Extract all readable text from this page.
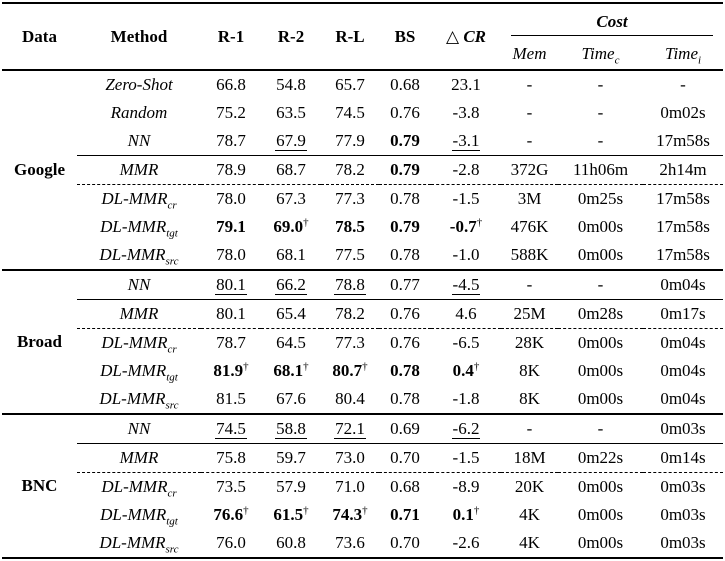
Data	Method	R-1	R-2	R-L	BS	△ CR	Cost		

							Mem	Time$_c$	Time$_i$
Google	Zero-Shot	66.8	54.8	65.7	0.68	23.1	-	-	-
	Random	75.2	63.5	74.5	0.76	-3.8	-	-	0m02s
	NN	78.7	67.9	77.9	0.79	-3.1	-	-	17m58s
	MMR	78.9	68.7	78.2	0.79	-2.8	372G	11h06m	2h14m
	$DL-MMR_{cr}$	78.0	67.3	77.3	0.78	-1.5	3M	0m25s	17m58s
	$DL-MMR_{tgt}$	79.1	69.0†	78.5	0.79	-0.7†	476K	0m00s	17m58s
	$DL-MMR_{src}$	78.0	68.1	77.5	0.78	-1.0	588K	0m00s	17m58s
Broad	NN	80.1	66.2	78.8	0.77	-4.5	-	-	0m04s
	MMR	80.1	65.4	78.2	0.76	4.6	25M	0m28s	0m17s
	$DL-MMR_{cr}$	78.7	64.5	77.3	0.76	-6.5	28K	0m00s	0m04s
	$DL-MMR_{tgt}$	81.9†	68.1†	80.7†	0.78	0.4†	8K	0m00s	0m04s
	$DL-MMR_{src}$	81.5	67.6	80.4	0.78	-1.8	8K	0m00s	0m04s
BNC	NN	74.5	58.8	72.1	0.69	-6.2	-	-	0m03s
	MMR	75.8	59.7	73.0	0.70	-1.5	18M	0m22s	0m14s
	$DL-MMR_{cr}$	73.5	57.9	71.0	0.68	-8.9	20K	0m00s	0m03s
	$DL-MMR_{tgt}$	76.6†	61.5†	74.3†	0.71	0.1†	4K	0m00s	0m03s
	$DL-MMR_{src}$	76.0	60.8	73.6	0.70	-2.6	4K	0m00s	0m03s
